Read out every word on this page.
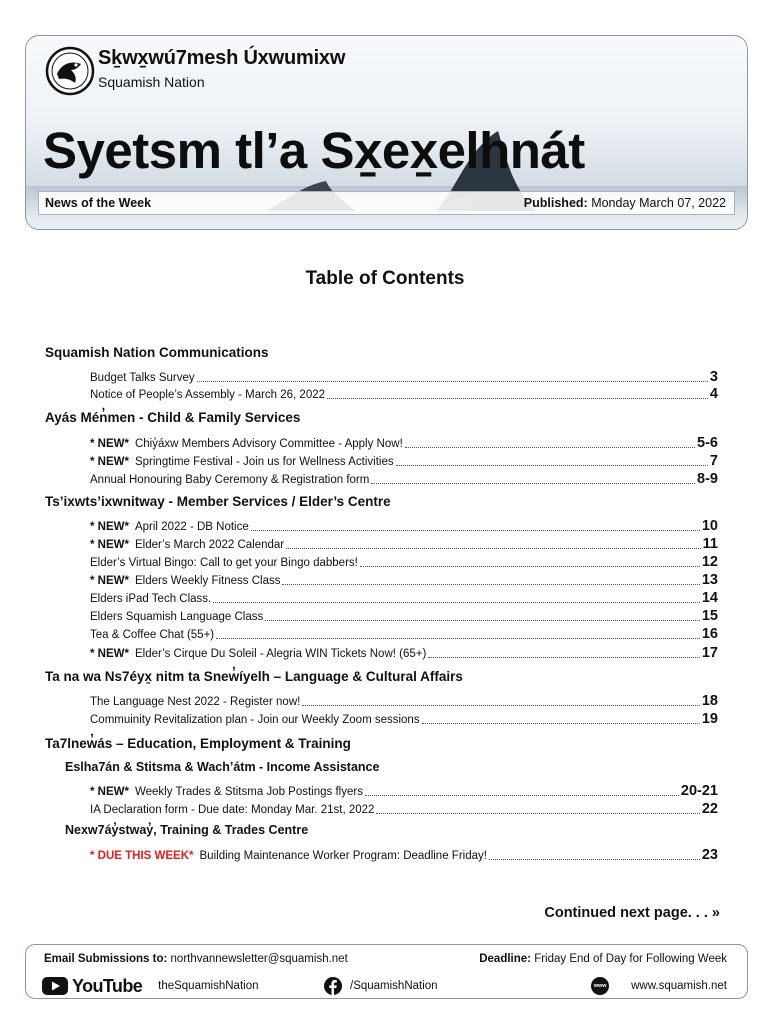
Sḵwx̱wú7mesh Úxwumixw
Squamish Nation
Syetsm tl’a Sx̱ex̱elhnát
News of the Week	Published: Monday March 07, 2022
Table of Contents
Squamish Nation Communications
Budget Talks Survey	3
Notice of People’s Assembly - March 26, 2022	4
Ayás Mén̓men - Child & Family Services
* NEW* Chiy̓áxw Members Advisory Committee - Apply Now!	5-6
* NEW* Springtime Festival - Join us for Wellness Activities	7
Annual Honouring Baby Ceremony & Registration form	8-9
Ts’ixwts’ixwnitway - Member Services / Elder’s Centre
* NEW* April 2022 - DB Notice	10
* NEW* Elder’s March 2022 Calendar	11
Elder’s Virtual Bingo: Call to get your Bingo dabbers!	12
* NEW* Elders Weekly Fitness Class	13
Elders iPad Tech Class.	14
Elders Squamish Language Class	15
Tea & Coffee Chat (55+)	16
* NEW* Elder’s Cirque Du Soleil - Alegria WIN Tickets Now! (65+)	17
Ta na wa Ns7éyx̱ nitm ta Snew̓íyelh – Language & Cultural Affairs
The Language Nest 2022 - Register now!	18
Commuinity Revitalization plan - Join our Weekly Zoom sessions	19
Ta7lnew̓ás – Education, Employment & Training
Eslha7án & Stitsma & Wach’átm - Income Assistance
* NEW* Weekly Trades & Stitsma Job Postings flyers	20-21
IA Declaration form - Due date: Monday Mar. 21st, 2022	22
Nexw7áy̓stway̓, Training & Trades Centre
* DUE THIS WEEK* Building Maintenance Worker Program: Deadline Friday!	23
Continued next page. . . »
Email Submissions to: northvannewsletter@squamish.net	Deadline: Friday End of Day for Following Week
YouTube theSquamishNation	/SquamishNation	www www.squamish.net
